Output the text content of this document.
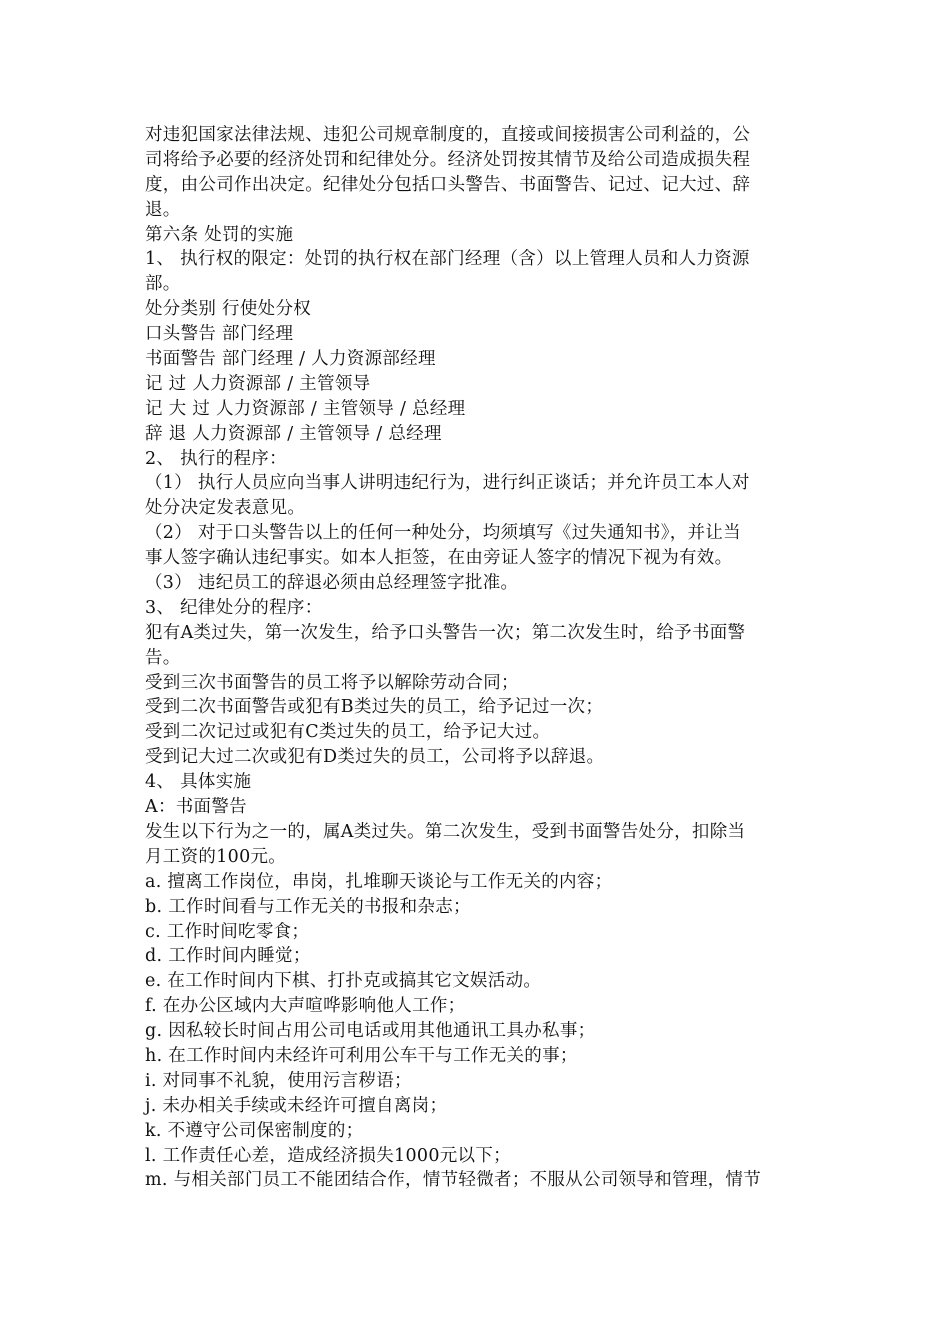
对违犯国家法律法规、违犯公司规章制度的，直接或间接损害公司利益的，公
司将给予必要的经济处罚和纪律处分。经济处罚按其情节及给公司造成损失程
度，由公司作出决定。纪律处分包括口头警告、书面警告、记过、记大过、辞
退。
第六条 处罚的实施
1、 执行权的限定：处罚的执行权在部门经理（含）以上管理人员和人力资源
部。
处分类别 行使处分权
口头警告 部门经理
书面警告 部门经理 / 人力资源部经理
记 过 人力资源部 / 主管领导
记 大 过 人力资源部 / 主管领导 / 总经理
辞 退 人力资源部 / 主管领导 / 总经理
2、 执行的程序：
（1） 执行人员应向当事人讲明违纪行为，进行纠正谈话；并允许员工本人对
处分决定发表意见。
（2） 对于口头警告以上的任何一种处分，均须填写《过失通知书》，并让当
事人签字确认违纪事实。如本人拒签，在由旁证人签字的情况下视为有效。
（3） 违纪员工的辞退必须由总经理签字批准。
3、 纪律处分的程序：
犯有A类过失，第一次发生，给予口头警告一次；第二次发生时，给予书面警
告。
受到三次书面警告的员工将予以解除劳动合同；
受到二次书面警告或犯有B类过失的员工，给予记过一次；
受到二次记过或犯有C类过失的员工，给予记大过。
受到记大过二次或犯有D类过失的员工，公司将予以辞退。
4、 具体实施
A：书面警告
发生以下行为之一的，属A类过失。第二次发生，受到书面警告处分，扣除当
月工资的100元。
a. 擅离工作岗位，串岗，扎堆聊天谈论与工作无关的内容；
b. 工作时间看与工作无关的书报和杂志；
c. 工作时间吃零食；
d. 工作时间内睡觉；
e. 在工作时间内下棋、打扑克或搞其它文娱活动。
f. 在办公区域内大声喧哗影响他人工作；
g. 因私较长时间占用公司电话或用其他通讯工具办私事；
h. 在工作时间内未经许可利用公车干与工作无关的事；
i. 对同事不礼貌，使用污言秽语；
j. 未办相关手续或未经许可擅自离岗；
k. 不遵守公司保密制度的；
l. 工作责任心差，造成经济损失1000元以下；
m. 与相关部门员工不能团结合作，情节轻微者；不服从公司领导和管理，情节
